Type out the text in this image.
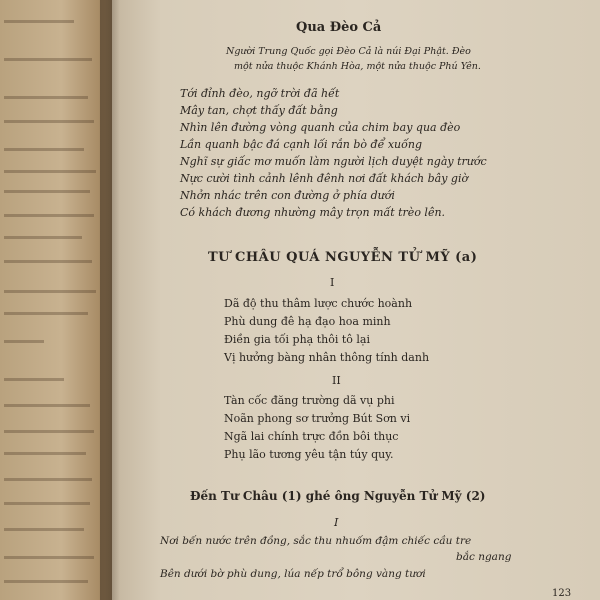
Qua Đèo Cả
Người Trung Quốc gọi Đèo Cả là núi Đại Phật. Đèo
một nửa thuộc Khánh Hòa, một nửa thuộc Phú Yên.
Tới đỉnh đèo, ngỡ trời đã hết
Mây tan, chợt thấy đất bằng
Nhìn lên đường vòng quanh của chim bay qua đèo
Lần quanh bậc đá cạnh lối rắn bò để xuống
Nghĩ sự giấc mơ muốn làm người lịch duyệt ngày trước
Nực cười tình cảnh lênh đênh nơi đất khách bây giờ
Nhởn nhác trên con đường ở phía dưới
Có khách đương nhường mây trọn mất trèo lên.
TƯ CHÂU QUÁ NGUYỄN TỬ MỸ (a)
I
Dã độ thu thâm lược chước hoành
Phù dung đê hạ đạo hoa minh
Điền gia tối phạ thôi tô lại
Vị hưởng bàng nhân thông tính danh
II
Tàn cốc đăng trường dã vụ phi
Noãn phong sơ trưởng Bút Sơn vi
Ngã lai chính trực đồn bôi thục
Phụ lão tương yêu tận túy quy.
Đến Tư Châu (1) ghé ông Nguyễn Tử Mỹ (2)
I
Nơi bến nước trên đồng, sắc thu nhuốm đậm chiếc cầu tre
bắc ngang
Bên dưới bờ phù dung, lúa nếp trổ bông vàng tươi
123
